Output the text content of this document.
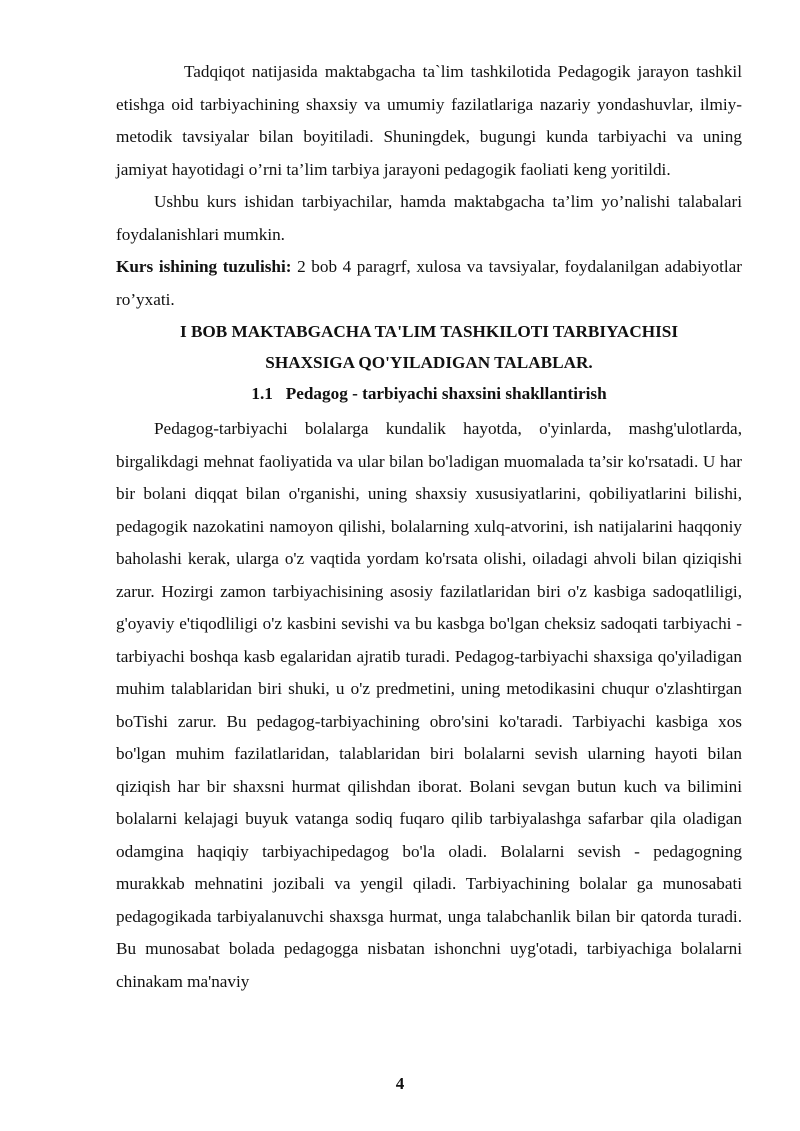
Tadqiqot natijasida maktabgacha ta`lim tashkilotida Pedagogik jarayon tashkil etishga oid tarbiyachining shaxsiy va umumiy fazilatlariga nazariy yondashuvlar, ilmiy-metodik tavsiyalar bilan boyitiladi. Shuningdek, bugungi kunda tarbiyachi va uning jamiyat hayotidagi o’rni ta’lim tarbiya jarayoni pedagogik faoliati keng yoritildi.

Ushbu kurs ishidan tarbiyachilar, hamda maktabgacha ta’lim yo’nalishi talabalari foydalanishlari mumkin.

Kurs ishining tuzulishi: 2 bob 4 paragrf, xulosa va tavsiyalar, foydalanilgan adabiyotlar ro’yxati.

I BOB MAKTABGACHA TA'LIM TASHKILOTI TARBIYACHISI
SHAXSIGA QO'YILADIGAN TALABLAR.
1.1 Pedagog - tarbiyachi shaxsini shakllantirish

Pedagog-tarbiyachi bolalarga kundalik hayotda, o'yinlarda, mashg'ulotlarda, birgalikdagi mehnat faoliyatida va ular bilan bo'ladigan muomalada ta’sir ko'rsatadi. U har bir bolani diqqat bilan o'rganishi, uning shaxsiy xususiyatlarini, qobiliyatlarini bilishi, pedagogik nazokatini namoyon qilishi, bolalarning xulq-atvorini, ish natijalarini haqqoniy baholashi kerak, ularga o'z vaqtida yordam ko'rsata olishi, oiladagi ahvoli bilan qiziqishi zarur. Hozirgi zamon tarbiyachisining asosiy fazilatlaridan biri o'z kasbiga sadoqatliligi, g'oyaviy e'tiqodliligi o'z kasbini sevishi va bu kasbga bo'lgan cheksiz sadoqati tarbiyachi - tarbiyachi boshqa kasb egalaridan ajratib turadi. Pedagog-tarbiyachi shaxsiga qo'yiladigan muhim talablaridan biri shuki, u o'z predmetini, uning metodikasini chuqur o'zlashtirgan boTishi zarur. Bu pedagog-tarbiyachining obro'sini ko'taradi. Tarbiyachi kasbiga xos bo'lgan muhim fazilatlaridan, talablaridan biri bolalarni sevish ularning hayoti bilan qiziqish har bir shaxsni hurmat qilishdan iborat. Bolani sevgan butun kuch va bilimini bolalarni kelajagi buyuk vatanga sodiq fuqaro qilib tarbiyalashga safarbar qila oladigan odamgina haqiqiy tarbiyachipedagog bo'la oladi. Bolalarni sevish - pedagogning murakkab mehnatini jozibali va yengil qiladi. Tarbiyachining bolalar ga munosabati pedagogikada tarbiyalanuvchi shaxsga hurmat, unga talabchanlik bilan bir qatorda turadi. Bu munosabat bolada pedagogga nisbatan ishonchni uyg'otadi, tarbiyachiga bolalarni chinakam ma'naviy

4
